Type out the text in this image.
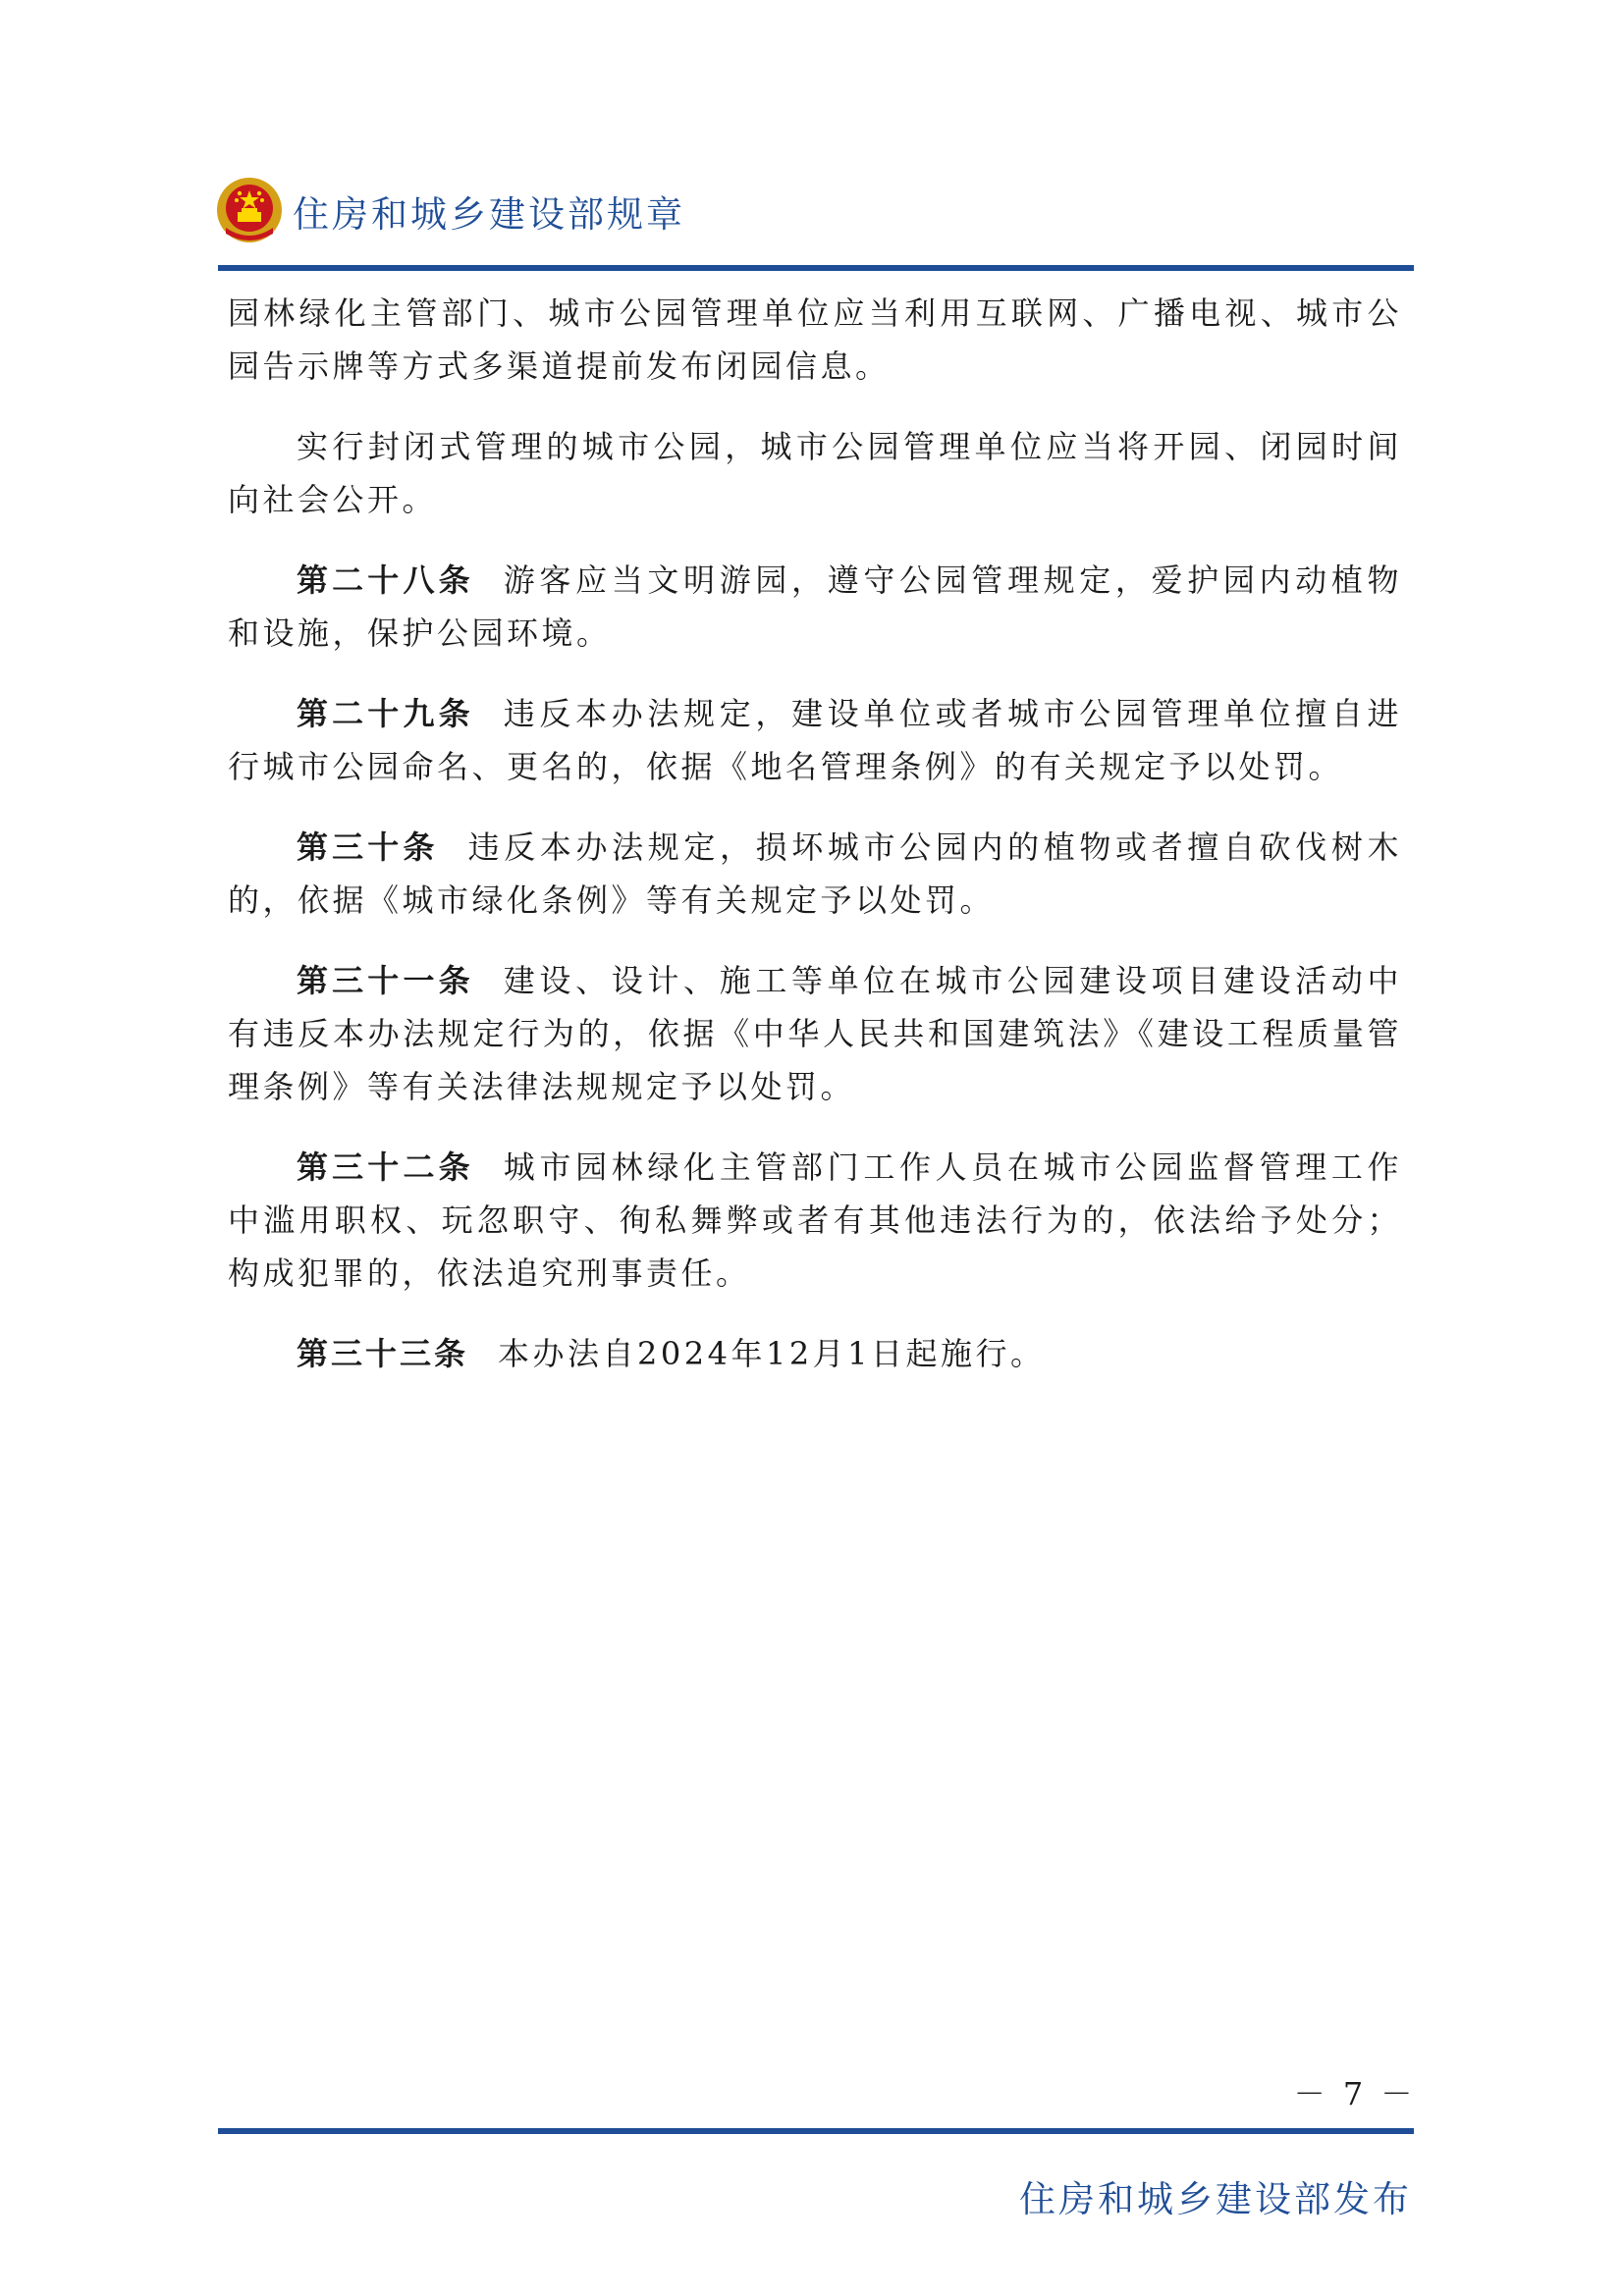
住房和城乡建设部规章

园林绿化主管部门、城市公园管理单位应当利用互联网、广播电视、城市公园告示牌等方式多渠道提前发布闭园信息。

实行封闭式管理的城市公园，城市公园管理单位应当将开园、闭园时间向社会公开。

第二十八条 游客应当文明游园，遵守公园管理规定，爱护园内动植物和设施，保护公园环境。

第二十九条 违反本办法规定，建设单位或者城市公园管理单位擅自进行城市公园命名、更名的，依据《地名管理条例》的有关规定予以处罚。

第三十条 违反本办法规定，损坏城市公园内的植物或者擅自砍伐树木的，依据《城市绿化条例》等有关规定予以处罚。

第三十一条 建设、设计、施工等单位在城市公园建设项目建设活动中有违反本办法规定行为的，依据《中华人民共和国建筑法》《建设工程质量管理条例》等有关法律法规规定予以处罚。

第三十二条 城市园林绿化主管部门工作人员在城市公园监督管理工作中滥用职权、玩忽职守、徇私舞弊或者有其他违法行为的，依法给予处分；构成犯罪的，依法追究刑事责任。

第三十三条 本办法自2024年12月1日起施行。

－ 7 －
住房和城乡建设部发布
